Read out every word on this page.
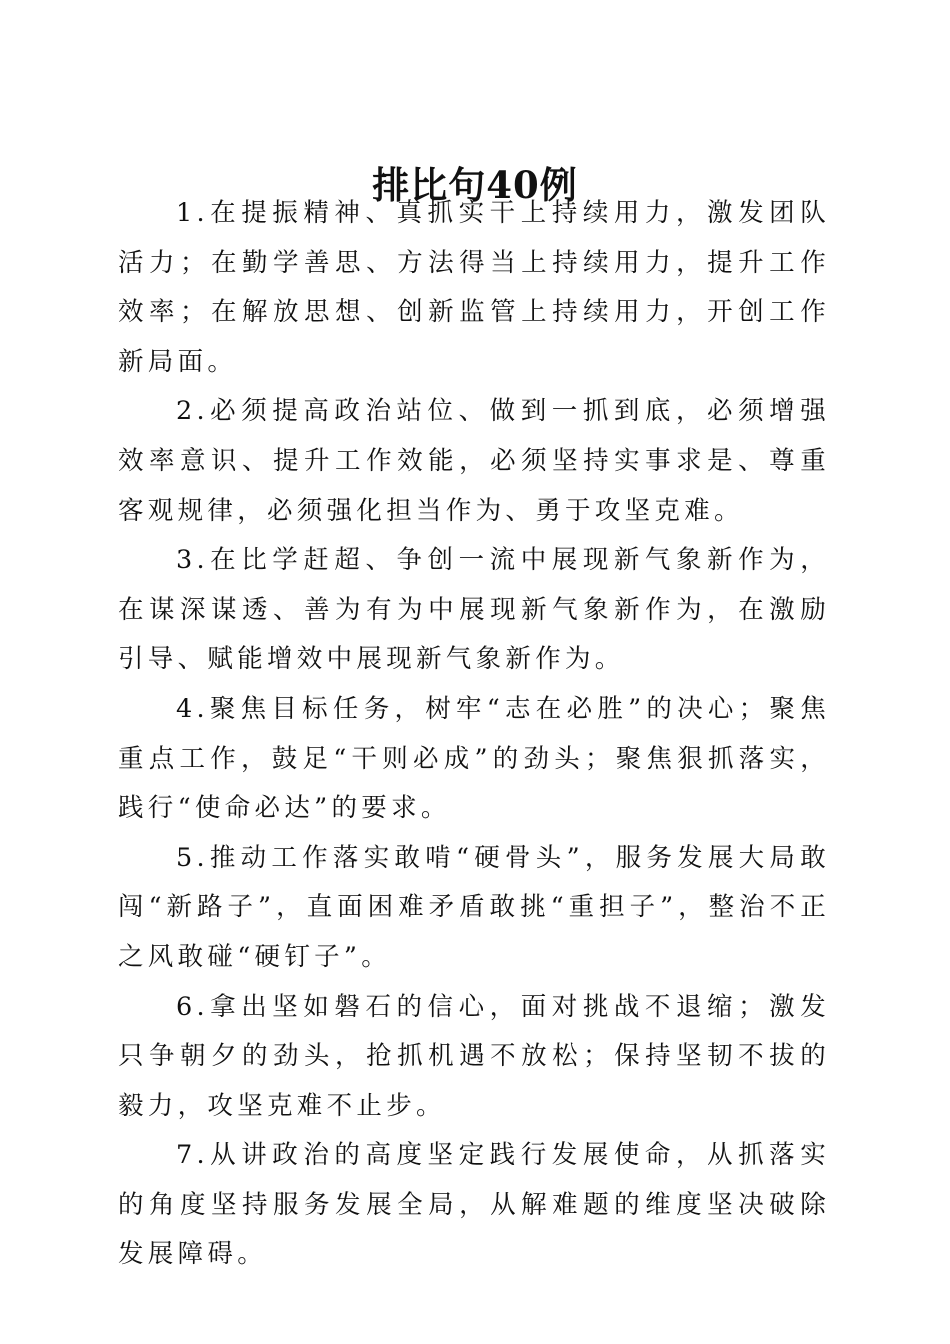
排比句40例

1.在提振精神、真抓实干上持续用力，激发团队活力；在勤学善思、方法得当上持续用力，提升工作效率；在解放思想、创新监管上持续用力，开创工作新局面。

2.必须提高政治站位、做到一抓到底，必须增强效率意识、提升工作效能，必须坚持实事求是、尊重客观规律，必须强化担当作为、勇于攻坚克难。

3.在比学赶超、争创一流中展现新气象新作为，在谋深谋透、善为有为中展现新气象新作为，在激励引导、赋能增效中展现新气象新作为。

4.聚焦目标任务，树牢“志在必胜”的决心；聚焦重点工作，鼓足“干则必成”的劲头；聚焦狠抓落实，践行“使命必达”的要求。

5.推动工作落实敢啃“硬骨头”，服务发展大局敢闯“新路子”，直面困难矛盾敢挑“重担子”，整治不正之风敢碰“硬钉子”。

6.拿出坚如磐石的信心，面对挑战不退缩；激发只争朝夕的劲头，抢抓机遇不放松；保持坚韧不拔的毅力，攻坚克难不止步。

7.从讲政治的高度坚定践行发展使命，从抓落实的角度坚持服务发展全局，从解难题的维度坚决破除发展障碍。
